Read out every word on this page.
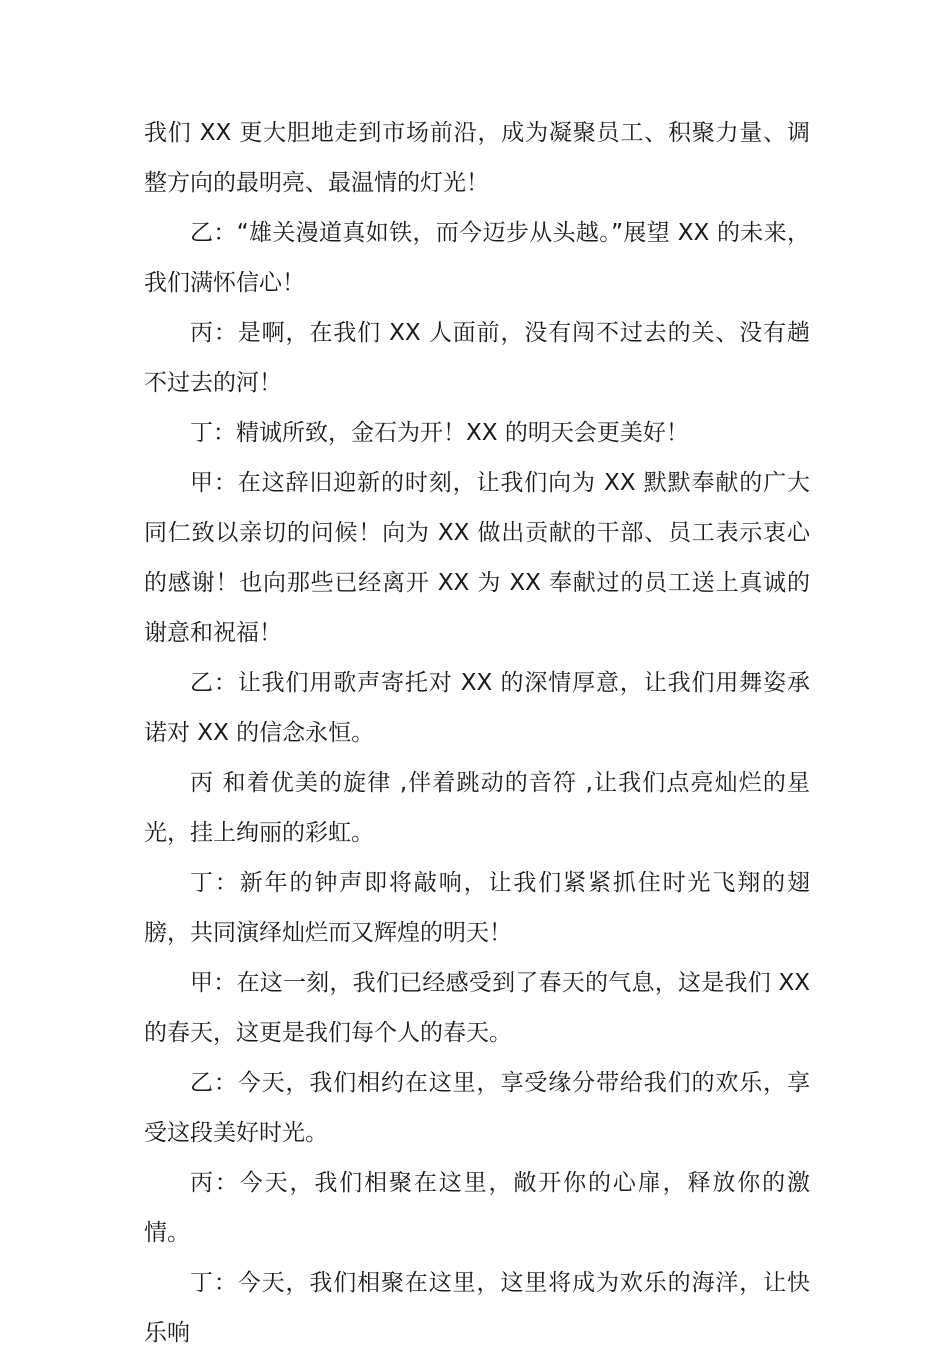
我们 XX 更大胆地走到市场前沿，成为凝聚员工、积聚力量、调整方向的最明亮、最温情的灯光！

乙：“雄关漫道真如铁，而今迈步从头越。”展望 XX 的未来，我们满怀信心！

丙：是啊，在我们 XX 人面前，没有闯不过去的关、没有趟不过去的河！

丁：精诚所致，金石为开！XX 的明天会更美好！

甲：在这辞旧迎新的时刻，让我们向为 XX 默默奉献的广大同仁致以亲切的问候！向为 XX 做出贡献的干部、员工表示衷心的感谢！也向那些已经离开 XX 为 XX 奉献过的员工送上真诚的谢意和祝福！

乙：让我们用歌声寄托对 XX 的深情厚意，让我们用舞姿承诺对 XX 的信念永恒。

丙 和着优美的旋律 ,伴着跳动的音符 ,让我们点亮灿烂的星光，挂上绚丽的彩虹。

丁：新年的钟声即将敲响，让我们紧紧抓住时光飞翔的翅膀，共同演绎灿烂而又辉煌的明天！

甲：在这一刻，我们已经感受到了春天的气息，这是我们 XX 的春天，这更是我们每个人的春天。

乙：今天，我们相约在这里，享受缘分带给我们的欢乐，享受这段美好时光。

丙：今天，我们相聚在这里，敞开你的心扉，释放你的激情。

丁：今天，我们相聚在这里，这里将成为欢乐的海洋，让快乐响
